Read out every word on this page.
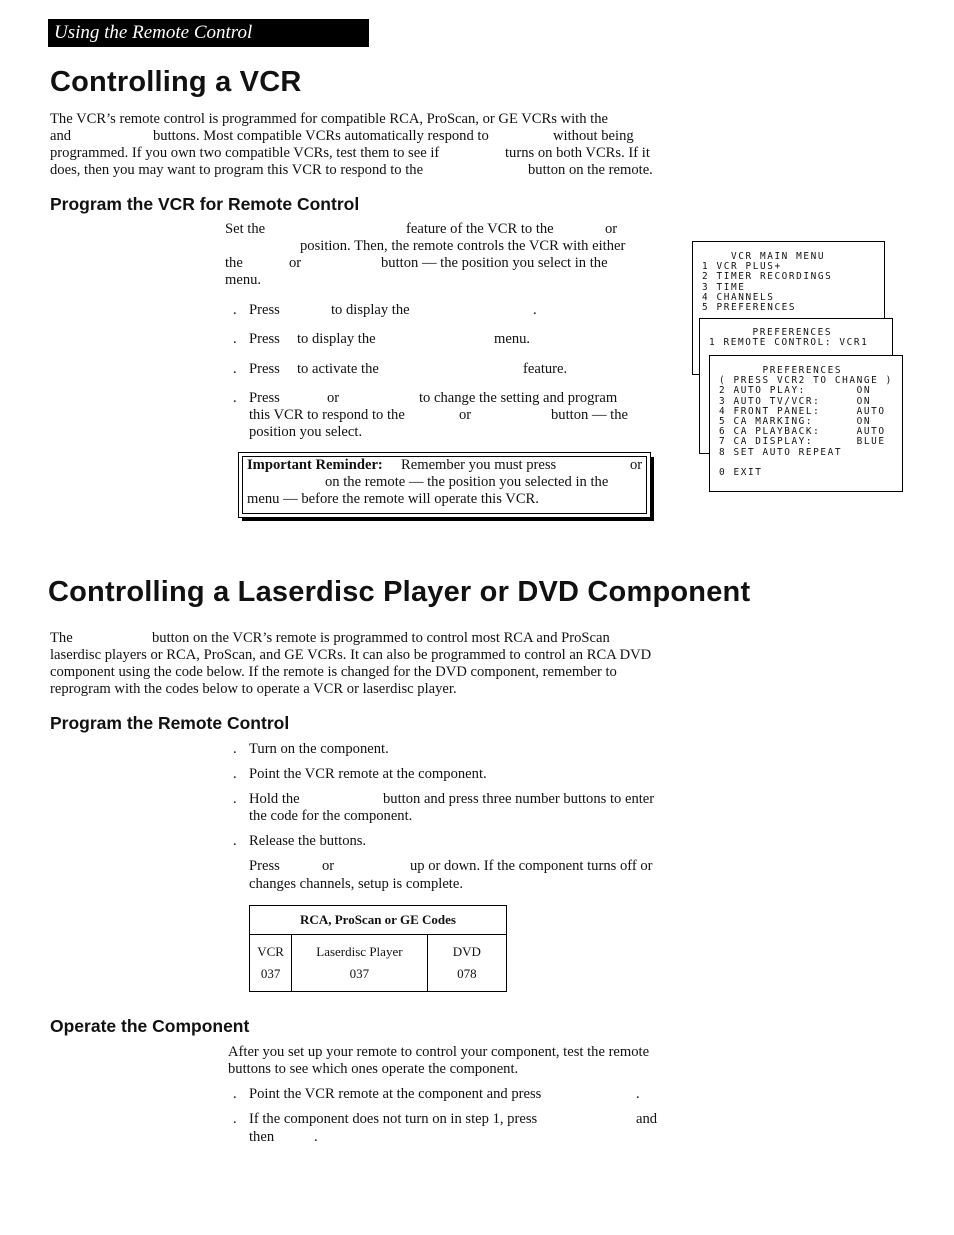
Using the Remote Control
Controlling a VCR
The VCR’s remote control is programmed for compatible RCA, ProScan, or GE VCRs with the
and	buttons. Most compatible VCRs automatically respond to	without being
programmed. If you own two compatible VCRs, test them to see if	turns on both VCRs. If it
does, then you may want to program this VCR to respond to the	button on the remote.
Program the VCR for Remote Control
Set the	feature of the VCR to the	or
position. Then, the remote controls the VCR with either
the	or	button — the position you select in the
menu.
. Press	to display the	.
. Press to display the	menu.
. Press to activate the	feature.
. Press	or	to change the setting and program
this VCR to respond to the	or	button — the
position you select.
Important Reminder: Remember you must press	or
on the remote — the position you selected in the
menu — before the remote will operate this VCR.
VCR MAIN MENU
1 VCR PLUS+
2 TIMER RECORDINGS
3 TIME
4 CHANNELS
5 PREFERENCES
PREFERENCES
1 REMOTE CONTROL: VCR1
PREFERENCES
( PRESS VCR2 TO CHANGE )
2 AUTO PLAY:       ON
3 AUTO TV/VCR:     ON
4 FRONT PANEL:     AUTO
5 CA MARKING:      ON
6 CA PLAYBACK:     AUTO
7 CA DISPLAY:      BLUE
8 SET AUTO REPEAT

0 EXIT
Controlling a Laserdisc Player or DVD Component
The	button on the VCR’s remote is programmed to control most RCA and ProScan
laserdisc players or RCA, ProScan, and GE VCRs. It can also be programmed to control an RCA DVD
component using the code below. If the remote is changed for the DVD component, remember to
reprogram with the codes below to operate a VCR or laserdisc player.
Program the Remote Control
. Turn on the component.
. Point the VCR remote at the component.
. Hold the	button and press three number buttons to enter
the code for the component.
. Release the buttons.
Press	or	up or down. If the component turns off or
changes channels, setup is complete.
RCA, ProScan or GE Codes		
VCR	Laserdisc Player	DVD
037	037	078
Operate the Component
After you set up your remote to control your component, test the remote
buttons to see which ones operate the component.
. Point the VCR remote at the component and press	.
. If the component does not turn on in step 1, press	and
then	.
